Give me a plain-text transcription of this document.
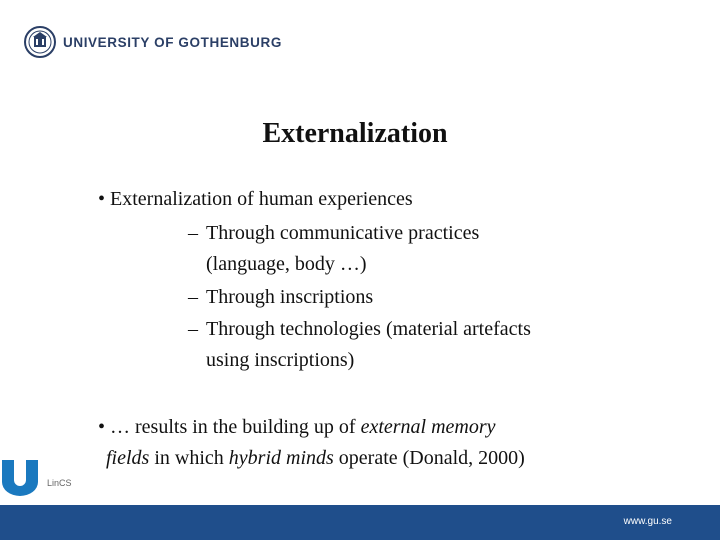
UNIVERSITY OF GOTHENBURG
Externalization

• Externalization of human experiences

– Through communicative practices
(language, body …)
– Through inscriptions
– Through technologies (material artefacts
using inscriptions)

• … results in the building up of external memory
fields in which hybrid minds operate (Donald, 2000)

LinCS
www.gu.se
